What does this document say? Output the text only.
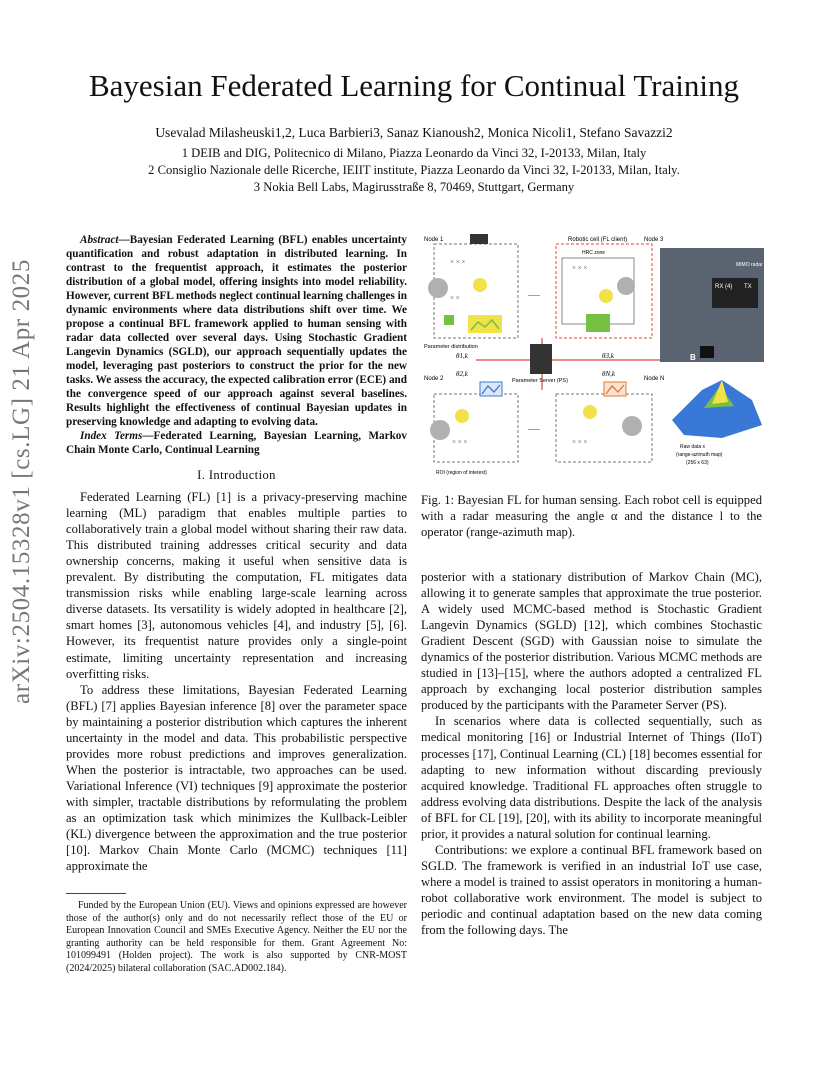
arXiv:2504.15328v1 [cs.LG] 21 Apr 2025
Bayesian Federated Learning for Continual Training
Usevalad Milasheuski1,2, Luca Barbieri3, Sanaz Kianoush2, Monica Nicoli1, Stefano Savazzi2
1 DEIB and DIG, Politecnico di Milano, Piazza Leonardo da Vinci 32, I-20133, Milan, Italy
2 Consiglio Nazionale delle Ricerche, IEIIT institute, Piazza Leonardo da Vinci 32, I-20133, Milan, Italy.
3 Nokia Bell Labs, Magirusstraße 8, 70469, Stuttgart, Germany

Abstract—Bayesian Federated Learning (BFL) enables uncertainty quantification and robust adaptation in distributed learning. In contrast to the frequentist approach, it estimates the posterior distribution of a global model, offering insights into model reliability. However, current BFL methods neglect continual learning challenges in dynamic environments where data distributions shift over time. We propose a continual BFL framework applied to human sensing with radar data collected over several days. Using Stochastic Gradient Langevin Dynamics (SGLD), our approach sequentially updates the model, leveraging past posteriors to construct the prior for the new tasks. We assess the accuracy, the expected calibration error (ECE) and the convergence speed of our approach against several baselines. Results highlight the effectiveness of continual Bayesian updates in preserving knowledge and adapting to evolving data.

Index Terms—Federated Learning, Bayesian Learning, Markov Chain Monte Carlo, Continual Learning

I. Introduction

Federated Learning (FL) [1] is a privacy-preserving machine learning (ML) paradigm that enables multiple parties to collaboratively train a global model without sharing their raw data. This distributed training addresses critical security and data ownership concerns, making it useful when sensitive data is prevalent. By distributing the computation, FL mitigates data transmission risks while enabling large-scale learning across diverse datasets. Its versatility is widely adopted in healthcare [2], smart homes [3], autonomous vehicles [4], and industry [5], [6]. However, its frequentist nature provides only a single-point estimate, limiting uncertainty representation and increasing overfitting risks.

To address these limitations, Bayesian Federated Learning (BFL) [7] applies Bayesian inference [8] over the parameter space by maintaining a posterior distribution which captures the inherent uncertainty in the model and data. This probabilistic perspective provides more robust predictions and improves generalization. When the posterior is intractable, two approaches can be used. Variational Inference (VI) techniques [9] approximate the posterior with simpler, tractable distributions by reformulating the problem as an optimization task which minimizes the Kullback-Leibler (KL) divergence between the approximation and the true posterior [10]. Markov Chain Monte Carlo (MCMC) techniques [11] approximate the

Funded by the European Union (EU). Views and opinions expressed are however those of the author(s) only and do not necessarily reflect those of the EU or European Innovation Council and SMEs Executive Agency. Neither the EU nor the granting authority can be held responsible for them. Grant Agreement No: 101099491 (Holden project). The work is also supported by CNR-MOST (2024/2025) bilateral collaboration (SAC.AD002.184).
Node 1
× × ×
× ×
Robotic cell (FL client)	Node 3
HRC zone
× × ×
......
Parameter Server (PS)
Parameter distribution
θ1,k
θ2,k
θ3,k
θN,k
Node 2
× × ×
ROI (region of interest)
Node N
× × ×
......
MIMO radar
RX (4) TX
B
Raw data x
(range-azimuth map)
(256 x 63)
Fig. 1: Bayesian FL for human sensing. Each robot cell is equipped with a radar measuring the angle α and the distance l to the operator (range-azimuth map).

posterior with a stationary distribution of Markov Chain (MC), allowing it to generate samples that approximate the true posterior. A widely used MCMC-based method is Stochastic Gradient Langevin Dynamics (SGLD) [12], which combines Stochastic Gradient Descent (SGD) with Gaussian noise to simulate the dynamics of the posterior distribution. Various MCMC methods are studied in [13]–[15], where the authors adopted a centralized FL approach by exchanging local posterior distribution samples produced by the participants with the Parameter Server (PS).

In scenarios where data is collected sequentially, such as medical monitoring [16] or Industrial Internet of Things (IIoT) processes [17], Continual Learning (CL) [18] becomes essential for adapting to new information without discarding previously acquired knowledge. Traditional FL approaches often struggle to address evolving data distributions. Despite the lack of the analysis of BFL for CL [19], [20], with its ability to incorporate meaningful prior, it provides a natural solution for continual learning.

Contributions: we explore a continual BFL framework based on SGLD. The framework is verified in an industrial IoT use case, where a model is trained to assist operators in monitoring a human-robot collaborative work environment. The model is subject to periodic and continual adaptation based on the new data coming from the following days. The
